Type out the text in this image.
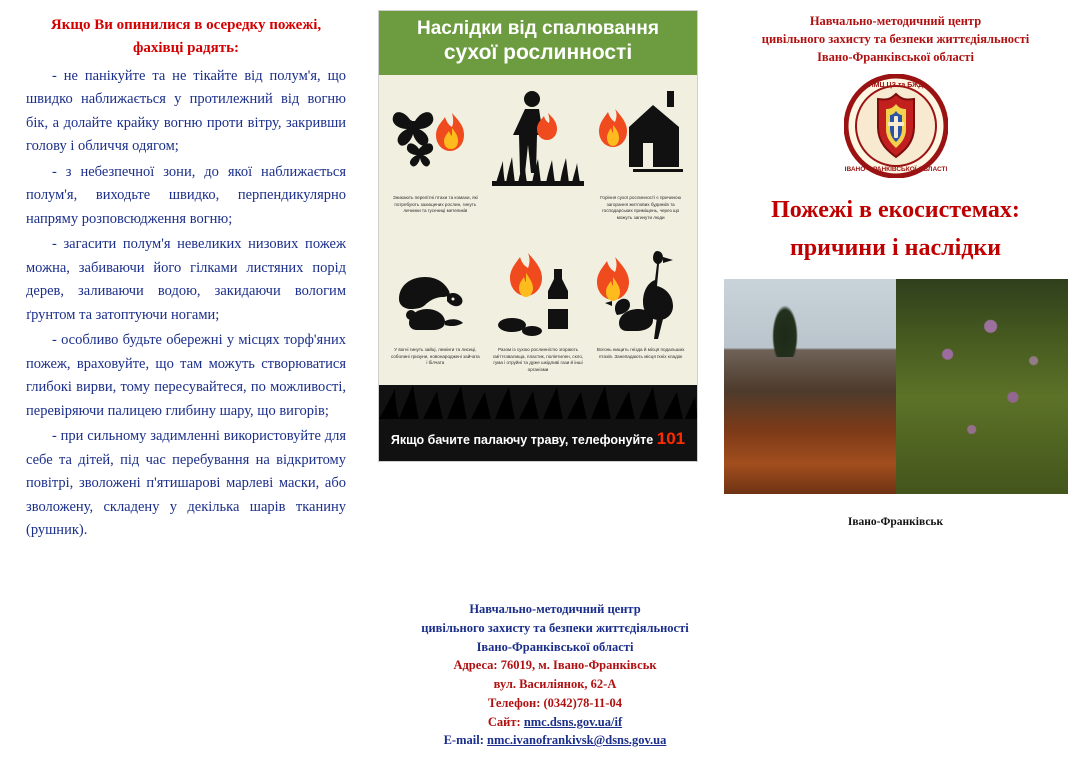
Якщо Ви опинилися в осередку пожежі, фахівці радять:

- не панікуйте та не тікайте від полум'я, що швидко наближається у протилежний від вогню бік, а долайте крайку вогню проти вітру, закривши голову і обличчя одягом;

- з небезпечної зони, до якої наближається полум'я, виходьте швидко, перпендикулярно напряму розповсюдження вогню;

- загасити полум'я невеликих низових пожеж можна, забиваючи його гілками листяних порід дерев, заливаючи водою, закидаючи вологим ґрунтом та затоптуючи ногами;

- особливо будьте обережні у місцях торф'яних пожеж, враховуйте, що там можуть створюватися глибокі вирви, тому пересувайтеся, по можливості, перевіряючи палицею глибину шару, що вигорів;

- при сильному задимленні використовуйте для себе та дітей, під час перебування на відкритому повітрі, зволожені п'ятишарові марлеві маски, або зволожену, складену у декілька шарів тканину (рушник).

Наслідки від спалювання
сухої рослинності
Зникають перелітні птахи та комахи, які потребують захищених рослин, гинуть личинки та гусениці метеликів
Горіння сухої рослинності є причиною загорання житлових будинків та господарських приміщень, через що можуть загинути люди
У вогні гинуть зайці, лемінги та лисиці, соболині гризуни, новонароджені зайчата і білчата
Разом із сухою рослинністю згорають сміттєзвалища, пластик, поліетилен, скло, гума і отруйні та дуже шкідливі гази й інші організми
Вогонь нищить гнізда й місця подальших птахів. Занепадають місця їхніх кладок
Якщо бачите палаючу траву, телефонуйте 101
Навчально-методичний центр
цивільного захисту та безпеки життєдіяльності
Івано-Франківської області
НМЦ ЦЗ та БЖД
ІВАНО-ФРАНКІВСЬКОЇ ОБЛАСТІ
Пожежі в екосистемах:
причини і наслідки
Івано-Франківськ
Навчально-методичний центр
цивільного захисту та безпеки життєдіяльності
Івано-Франківської області
Адреса: 76019, м. Івано-Франківськ
вул. Василіянок, 62-А
Телефон: (0342)78-11-04
Сайт: nmc.dsns.gov.ua/if
E-mail: nmc.ivanofrankivsk@dsns.gov.ua
